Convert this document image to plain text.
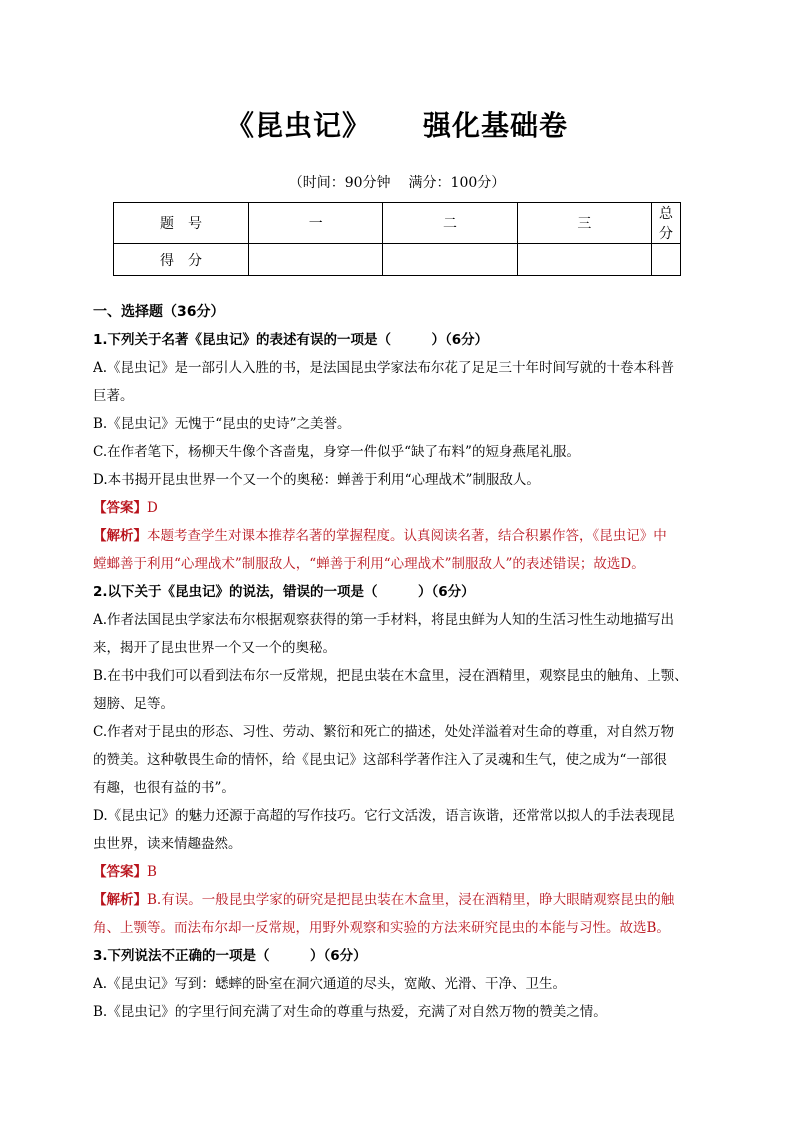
《昆虫记》 强化基础卷
（时间：90分钟 满分：100分）
题　号	一	二	三	总　分
得　分				
一、选择题（36分）
1.下列关于名著《昆虫记》的表述有误的一项是（　　　）（6分）
A.《昆虫记》是一部引人入胜的书，是法国昆虫学家法布尔花了足足三十年时间写就的十卷本科普
巨著。
B.《昆虫记》无愧于“昆虫的史诗”之美誉。
C.在作者笔下，杨柳天牛像个吝啬鬼，身穿一件似乎“缺了布料”的短身燕尾礼服。
D.本书揭开昆虫世界一个又一个的奥秘：蝉善于利用“心理战术”制服敌人。
【答案】D
【解析】本题考查学生对课本推荐名著的掌握程度。认真阅读名著，结合积累作答，《昆虫记》中
螳螂善于利用“心理战术”制服敌人，“蝉善于利用“心理战术”制服敌人”的表述错误；故选D。
2.以下关于《昆虫记》的说法，错误的一项是（　　　）（6分）
A.作者法国昆虫学家法布尔根据观察获得的第一手材料，将昆虫鲜为人知的生活习性生动地描写出
来，揭开了昆虫世界一个又一个的奥秘。
B.在书中我们可以看到法布尔一反常规，把昆虫装在木盒里，浸在酒精里，观察昆虫的触角、上颚、
翅膀、足等。
C.作者对于昆虫的形态、习性、劳动、繁衍和死亡的描述，处处洋溢着对生命的尊重，对自然万物
的赞美。这种敬畏生命的情怀，给《昆虫记》这部科学著作注入了灵魂和生气，使之成为“一部很
有趣，也很有益的书”。
D.《昆虫记》的魅力还源于高超的写作技巧。它行文活泼，语言诙谐，还常常以拟人的手法表现昆
虫世界，读来情趣盎然。
【答案】B
【解析】B.有误。一般昆虫学家的研究是把昆虫装在木盒里，浸在酒精里，睁大眼睛观察昆虫的触
角、上颚等。而法布尔却一反常规，用野外观察和实验的方法来研究昆虫的本能与习性。故选B。
3.下列说法不正确的一项是（　　　）（6分）
A.《昆虫记》写到：蟋蟀的卧室在洞穴通道的尽头，宽敞、光滑、干净、卫生。
B.《昆虫记》的字里行间充满了对生命的尊重与热爱，充满了对自然万物的赞美之情。
